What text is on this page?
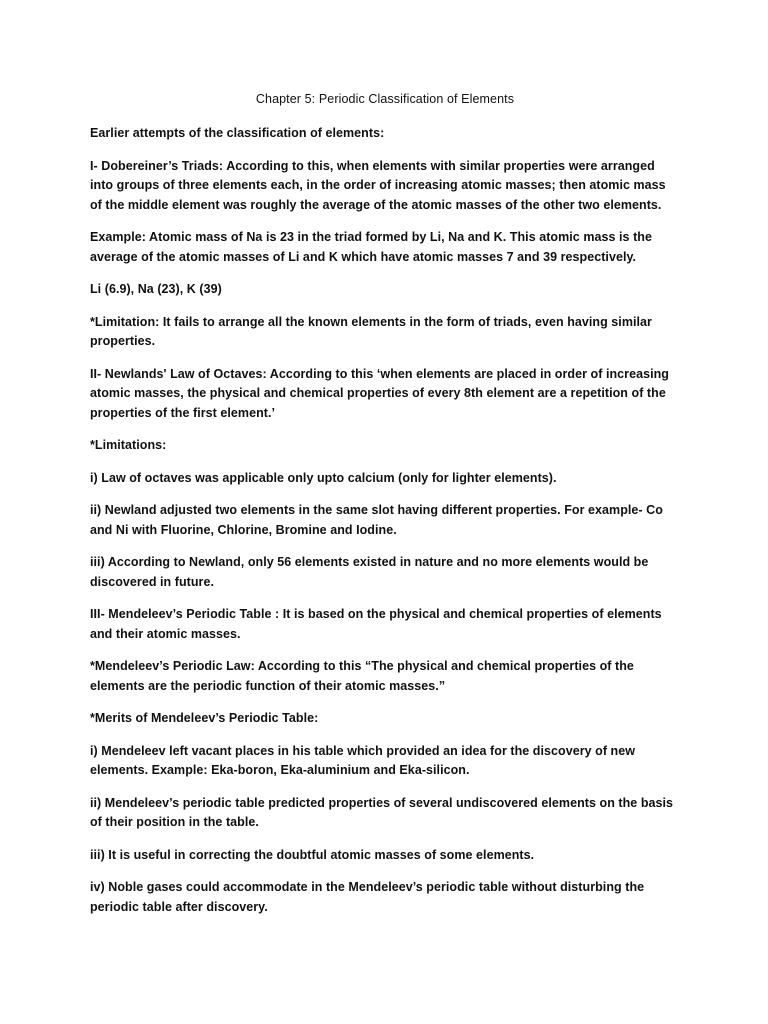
Chapter 5: Periodic Classification of Elements

Earlier attempts of the classification of elements:

I- Dobereiner’s Triads: According to this, when elements with similar properties were arranged into groups of three elements each, in the order of increasing atomic masses; then atomic mass of the middle element was roughly the average of the atomic masses of the other two elements.

Example: Atomic mass of Na is 23 in the triad formed by Li, Na and K. This atomic mass is the average of the atomic masses of Li and K which have atomic masses 7 and 39 respectively.

Li (6.9), Na (23), K (39)

*Limitation: It fails to arrange all the known elements in the form of triads, even having similar properties.

II- Newlands' Law of Octaves: According to this ‘when elements are placed in order of increasing atomic masses, the physical and chemical properties of every 8th element are a repetition of the properties of the first element.’

*Limitations:

i) Law of octaves was applicable only upto calcium (only for lighter elements).

ii) Newland adjusted two elements in the same slot having different properties. For example- Co and Ni with Fluorine, Chlorine, Bromine and Iodine.

iii) According to Newland, only 56 elements existed in nature and no more elements would be discovered in future.

III- Mendeleev’s Periodic Table : It is based on the physical and chemical properties of elements and their atomic masses.

*Mendeleev’s Periodic Law: According to this “The physical and chemical properties of the elements are the periodic function of their atomic masses.”

*Merits of Mendeleev’s Periodic Table:

i) Mendeleev left vacant places in his table which provided an idea for the discovery of new elements. Example: Eka-boron, Eka-aluminium and Eka-silicon.

ii) Mendeleev’s periodic table predicted properties of several undiscovered elements on the basis of their position in the table.

iii) It is useful in correcting the doubtful atomic masses of some elements.

iv) Noble gases could accommodate in the Mendeleev’s periodic table without disturbing the periodic table after discovery.
